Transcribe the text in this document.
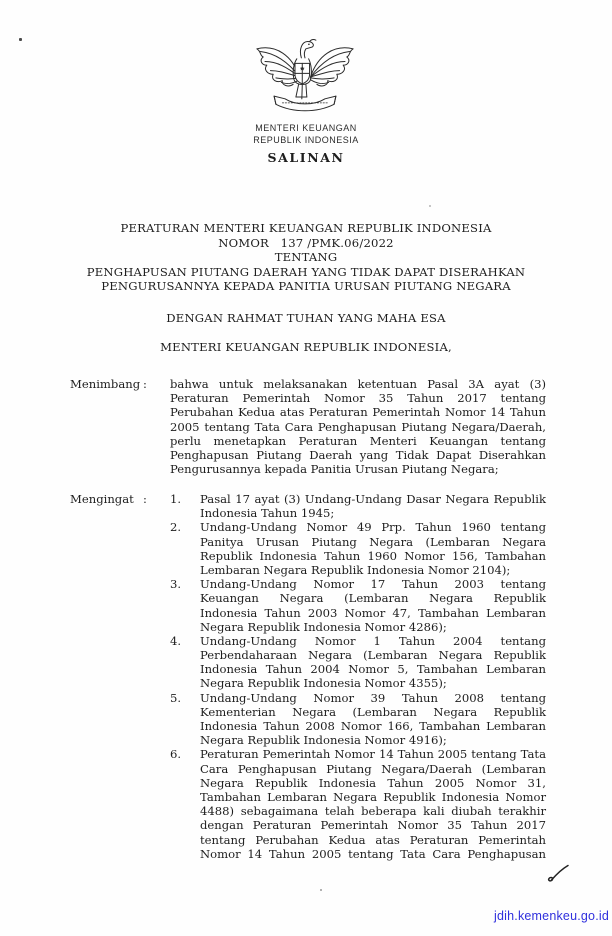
MENTERI KEUANGAN
REPUBLIK INDONESIA
SALINAN
PERATURAN MENTERI KEUANGAN REPUBLIK INDONESIA
NOMOR   137 /PMK.06/2022
TENTANG
PENGHAPUSAN PIUTANG DAERAH YANG TIDAK DAPAT DISERAHKAN
PENGURUSANNYA KEPADA PANITIA URUSAN PIUTANG NEGARA
DENGAN RAHMAT TUHAN YANG MAHA ESA
MENTERI KEUANGAN REPUBLIK INDONESIA,
Menimbang : bahwa untuk melaksanakan ketentuan Pasal 3A ayat (3)
Peraturan Pemerintah Nomor 35 Tahun 2017 tentang
Perubahan Kedua atas Peraturan Pemerintah Nomor 14 Tahun
2005 tentang Tata Cara Penghapusan Piutang Negara/Daerah,
perlu menetapkan Peraturan Menteri Keuangan tentang
Penghapusan Piutang Daerah yang Tidak Dapat Diserahkan
Pengurusannya kepada Panitia Urusan Piutang Negara;
Mengingat : 1.	Pasal 17 ayat (3) Undang-Undang Dasar Negara Republik
Indonesia Tahun 1945;
2.	Undang-Undang Nomor 49 Prp. Tahun 1960 tentang
Panitya Urusan Piutang Negara (Lembaran Negara
Republik Indonesia Tahun 1960 Nomor 156, Tambahan
Lembaran Negara Republik Indonesia Nomor 2104);
3.	Undang-Undang Nomor 17 Tahun 2003 tentang
Keuangan Negara (Lembaran Negara Republik
Indonesia Tahun 2003 Nomor 47, Tambahan Lembaran
Negara Republik Indonesia Nomor 4286);
4.	Undang-Undang Nomor 1 Tahun 2004 tentang
Perbendaharaan Negara (Lembaran Negara Republik
Indonesia Tahun 2004 Nomor 5, Tambahan Lembaran
Negara Republik Indonesia Nomor 4355);
5.	Undang-Undang Nomor 39 Tahun 2008 tentang
Kementerian Negara (Lembaran Negara Republik
Indonesia Tahun 2008 Nomor 166, Tambahan Lembaran
Negara Republik Indonesia Nomor 4916);
6.	Peraturan Pemerintah Nomor 14 Tahun 2005 tentang Tata
Cara Penghapusan Piutang Negara/Daerah (Lembaran
Negara Republik Indonesia Tahun 2005 Nomor 31,
Tambahan Lembaran Negara Republik Indonesia Nomor
4488) sebagaimana telah beberapa kali diubah terakhir
dengan Peraturan Pemerintah Nomor 35 Tahun 2017
tentang Perubahan Kedua atas Peraturan Pemerintah
Nomor 14 Tahun 2005 tentang Tata Cara Penghapusan
jdih.kemenkeu.go.id
